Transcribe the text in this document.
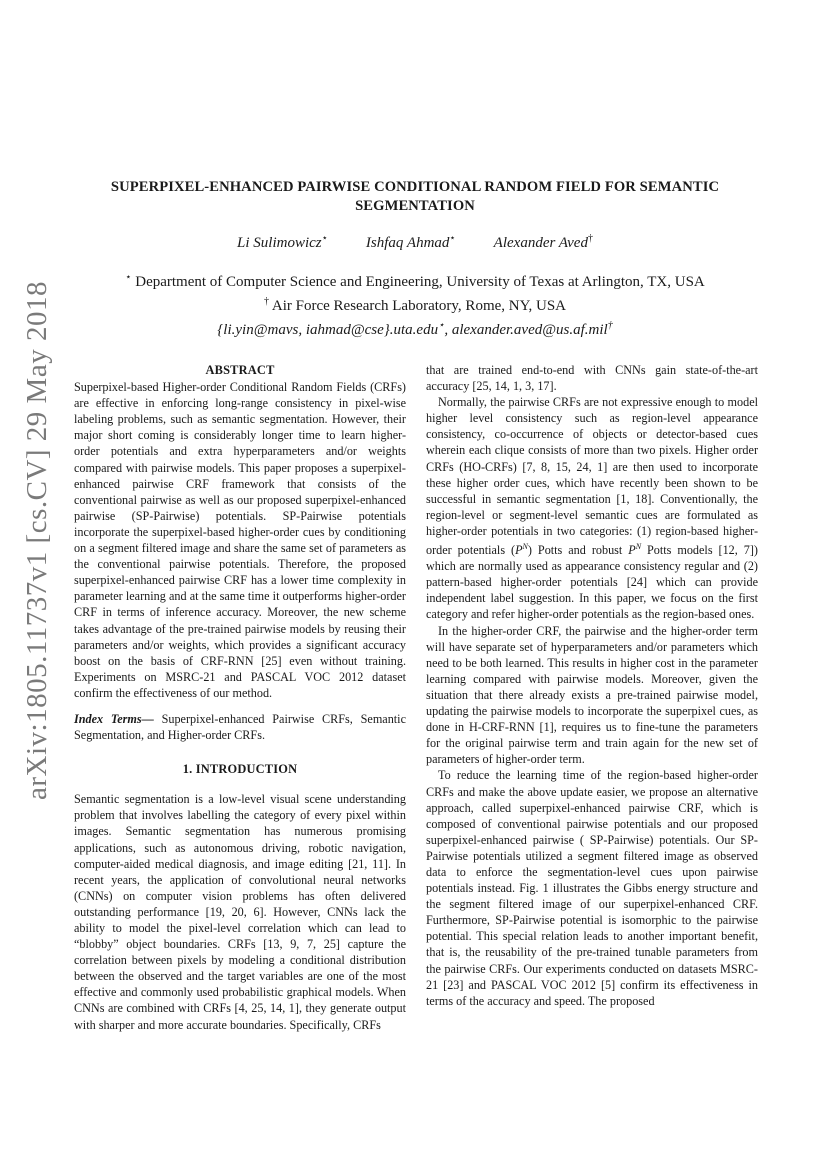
arXiv:1805.11737v1 [cs.CV] 29 May 2018
SUPERPIXEL-ENHANCED PAIRWISE CONDITIONAL RANDOM FIELD FOR SEMANTIC SEGMENTATION
Li Sulimowicz⋆	Ishfaq Ahmad⋆	Alexander Aved†
⋆ Department of Computer Science and Engineering, University of Texas at Arlington, TX, USA
† Air Force Research Laboratory, Rome, NY, USA
{li.yin@mavs, iahmad@cse}.uta.edu⋆, alexander.aved@us.af.mil†
ABSTRACT

Superpixel-based Higher-order Conditional Random Fields (CRFs) are effective in enforcing long-range consistency in pixel-wise labeling problems, such as semantic segmentation. However, their major short coming is considerably longer time to learn higher-order potentials and extra hyperparameters and/or weights compared with pairwise models. This paper proposes a superpixel-enhanced pairwise CRF framework that consists of the conventional pairwise as well as our proposed superpixel-enhanced pairwise (SP-Pairwise) potentials. SP-Pairwise potentials incorporate the superpixel-based higher-order cues by conditioning on a segment filtered image and share the same set of parameters as the conventional pairwise potentials. Therefore, the proposed superpixel-enhanced pairwise CRF has a lower time complexity in parameter learning and at the same time it outperforms higher-order CRF in terms of inference accuracy. Moreover, the new scheme takes advantage of the pre-trained pairwise models by reusing their parameters and/or weights, which provides a significant accuracy boost on the basis of CRF-RNN [25] even without training. Experiments on MSRC-21 and PASCAL VOC 2012 dataset confirm the effectiveness of our method.

Index Terms— Superpixel-enhanced Pairwise CRFs, Semantic Segmentation, and Higher-order CRFs.

1. INTRODUCTION

Semantic segmentation is a low-level visual scene understanding problem that involves labelling the category of every pixel within images. Semantic segmentation has numerous promising applications, such as autonomous driving, robotic navigation, computer-aided medical diagnosis, and image editing [21, 11]. In recent years, the application of convolutional neural networks (CNNs) on computer vision problems has often delivered outstanding performance [19, 20, 6]. However, CNNs lack the ability to model the pixel-level correlation which can lead to “blobby” object boundaries. CRFs [13, 9, 7, 25] capture the correlation between pixels by modeling a conditional distribution between the observed and the target variables are one of the most effective and commonly used probabilistic graphical models. When CNNs are combined with CRFs [4, 25, 14, 1], they generate output with sharper and more accurate boundaries. Specifically, CRFs

that are trained end-to-end with CNNs gain state-of-the-art accuracy [25, 14, 1, 3, 17].

Normally, the pairwise CRFs are not expressive enough to model higher level consistency such as region-level appearance consistency, co-occurrence of objects or detector-based cues wherein each clique consists of more than two pixels. Higher order CRFs (HO-CRFs) [7, 8, 15, 24, 1] are then used to incorporate these higher order cues, which have recently been shown to be successful in semantic segmentation [1, 18]. Conventionally, the region-level or segment-level semantic cues are formulated as higher-order potentials in two categories: (1) region-based higher-order potentials $(P^N)$ Potts and robust $P^N$ Potts models [12, 7]) which are normally used as appearance consistency regular and (2) pattern-based higher-order potentials [24] which can provide independent label suggestion. In this paper, we focus on the first category and refer higher-order potentials as the region-based ones.

In the higher-order CRF, the pairwise and the higher-order term will have separate set of hyperparameters and/or parameters which need to be both learned. This results in higher cost in the parameter learning compared with pairwise models. Moreover, given the situation that there already exists a pre-trained pairwise model, updating the pairwise models to incorporate the superpixel cues, as done in H-CRF-RNN [1], requires us to fine-tune the parameters for the original pairwise term and train again for the new set of parameters of higher-order term.

To reduce the learning time of the region-based higher-order CRFs and make the above update easier, we propose an alternative approach, called superpixel-enhanced pairwise CRF, which is composed of conventional pairwise potentials and our proposed superpixel-enhanced pairwise ( SP-Pairwise) potentials. Our SP-Pairwise potentials utilized a segment filtered image as observed data to enforce the segmentation-level cues upon pairwise potentials instead. Fig. 1 illustrates the Gibbs energy structure and the segment filtered image of our superpixel-enhanced CRF. Furthermore, SP-Pairwise potential is isomorphic to the pairwise potential. This special relation leads to another important benefit, that is, the reusability of the pre-trained tunable parameters from the pairwise CRFs. Our experiments conducted on datasets MSRC-21 [23] and PASCAL VOC 2012 [5] confirm its effectiveness in terms of the accuracy and speed. The proposed
